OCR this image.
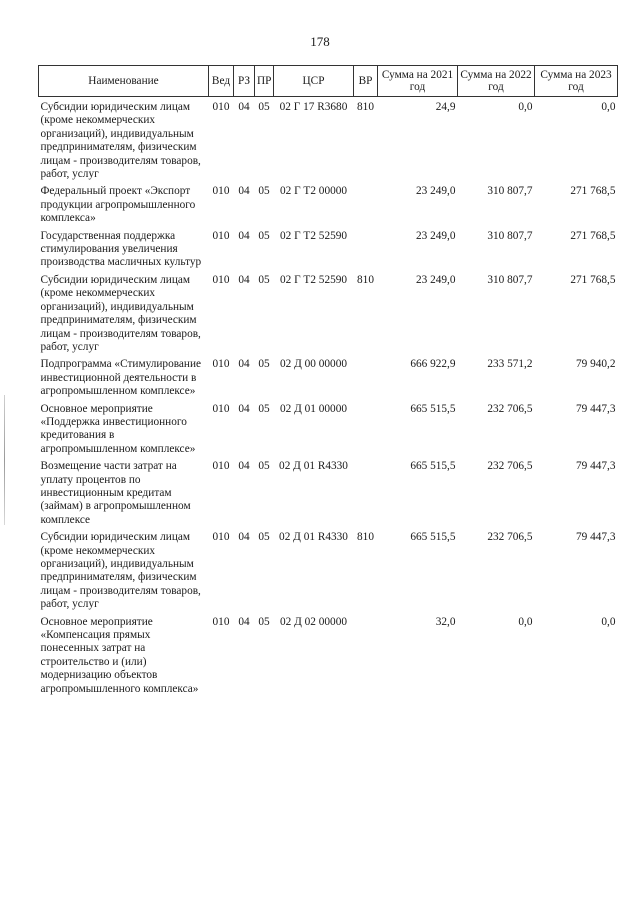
178
Наименование	Вед	РЗ	ПР	ЦСР	ВР	Сумма на 2021 год	Сумма на 2022 год	Сумма на 2023 год

Субсидии юридическим лицам (кроме некоммерческих организаций), индивидуальным предпринимателям, физическим лицам - производителям товаров, работ, услуг	010	04	05	02 Г 17 R3680	810	24,9	0,0	0,0
Федеральный проект «Экспорт продукции агропромышленного комплекса»	010	04	05	02 Г Т2 00000		23 249,0	310 807,7	271 768,5
Государственная поддержка стимулирования увеличения производства масличных культур	010	04	05	02 Г Т2 52590		23 249,0	310 807,7	271 768,5
Субсидии юридическим лицам (кроме некоммерческих организаций), индивидуальным предпринимателям, физическим лицам - производителям товаров, работ, услуг	010	04	05	02 Г Т2 52590	810	23 249,0	310 807,7	271 768,5
Подпрограмма «Стимулирование инвестиционной деятельности в агропромышленном комплексе»	010	04	05	02 Д 00 00000		666 922,9	233 571,2	79 940,2
Основное мероприятие «Поддержка инвестиционного кредитования в агропромышленном комплексе»	010	04	05	02 Д 01 00000		665 515,5	232 706,5	79 447,3
Возмещение части затрат на уплату процентов по инвестиционным кредитам (займам) в агропромышленном комплексе	010	04	05	02 Д 01 R4330		665 515,5	232 706,5	79 447,3
Субсидии юридическим лицам (кроме некоммерческих организаций), индивидуальным предпринимателям, физическим лицам - производителям товаров, работ, услуг	010	04	05	02 Д 01 R4330	810	665 515,5	232 706,5	79 447,3
Основное мероприятие «Компенсация прямых понесенных затрат на строительство и (или) модернизацию объектов агропромышленного комплекса»	010	04	05	02 Д 02 00000		32,0	0,0	0,0
